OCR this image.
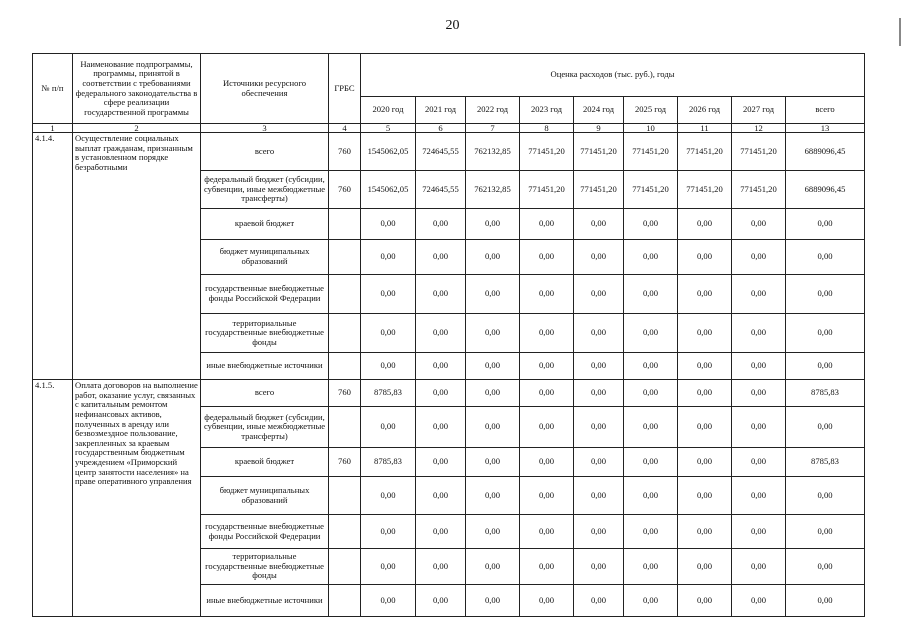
20
№ п/п	Наименование подпрограммы, программы, принятой в соответствии с требованиями федерального законодательства в сфере реализации государственной программы	Источники ресурсного обеспечения	ГРБС	Оценка расходов (тыс. руб.), годы								
				2020 год	2021 год	2022 год	2023 год	2024 год	2025 год	2026 год	2027 год	всего
1	2	3	4	5	6	7	8	9	10	11	12	13
4.1.4.	Осуществление социальных выплат гражданам, признанным в установленном порядке безработными	всего	760	1545062,05	724645,55	762132,85	771451,20	771451,20	771451,20	771451,20	771451,20	6889096,45
		федеральный бюджет (субсидии, субвенции, иные межбюджетные трансферты)	760	1545062,05	724645,55	762132,85	771451,20	771451,20	771451,20	771451,20	771451,20	6889096,45
		краевой бюджет		0,00	0,00	0,00	0,00	0,00	0,00	0,00	0,00	0,00
		бюджет муниципальных образований		0,00	0,00	0,00	0,00	0,00	0,00	0,00	0,00	0,00
		государственные внебюджетные фонды Российской Федерации		0,00	0,00	0,00	0,00	0,00	0,00	0,00	0,00	0,00
		территориальные государственные внебюджетные фонды		0,00	0,00	0,00	0,00	0,00	0,00	0,00	0,00	0,00
		иные внебюджетные источники		0,00	0,00	0,00	0,00	0,00	0,00	0,00	0,00	0,00
4.1.5.	Оплата договоров на выполнение работ, оказание услуг, связанных с капитальным ремонтом нефинансовых активов, полученных в аренду или безвозмездное пользование, закрепленных за краевым государственным бюджетным учреждением «Приморский центр занятости населения» на праве оперативного управления	всего	760	8785,83	0,00	0,00	0,00	0,00	0,00	0,00	0,00	8785,83
		федеральный бюджет (субсидии, субвенции, иные межбюджетные трансферты)		0,00	0,00	0,00	0,00	0,00	0,00	0,00	0,00	0,00
		краевой бюджет	760	8785,83	0,00	0,00	0,00	0,00	0,00	0,00	0,00	8785,83
		бюджет муниципальных образований		0,00	0,00	0,00	0,00	0,00	0,00	0,00	0,00	0,00
		государственные внебюджетные фонды Российской Федерации		0,00	0,00	0,00	0,00	0,00	0,00	0,00	0,00	0,00
		территориальные государственные внебюджетные фонды		0,00	0,00	0,00	0,00	0,00	0,00	0,00	0,00	0,00
		иные внебюджетные источники		0,00	0,00	0,00	0,00	0,00	0,00	0,00	0,00	0,00
